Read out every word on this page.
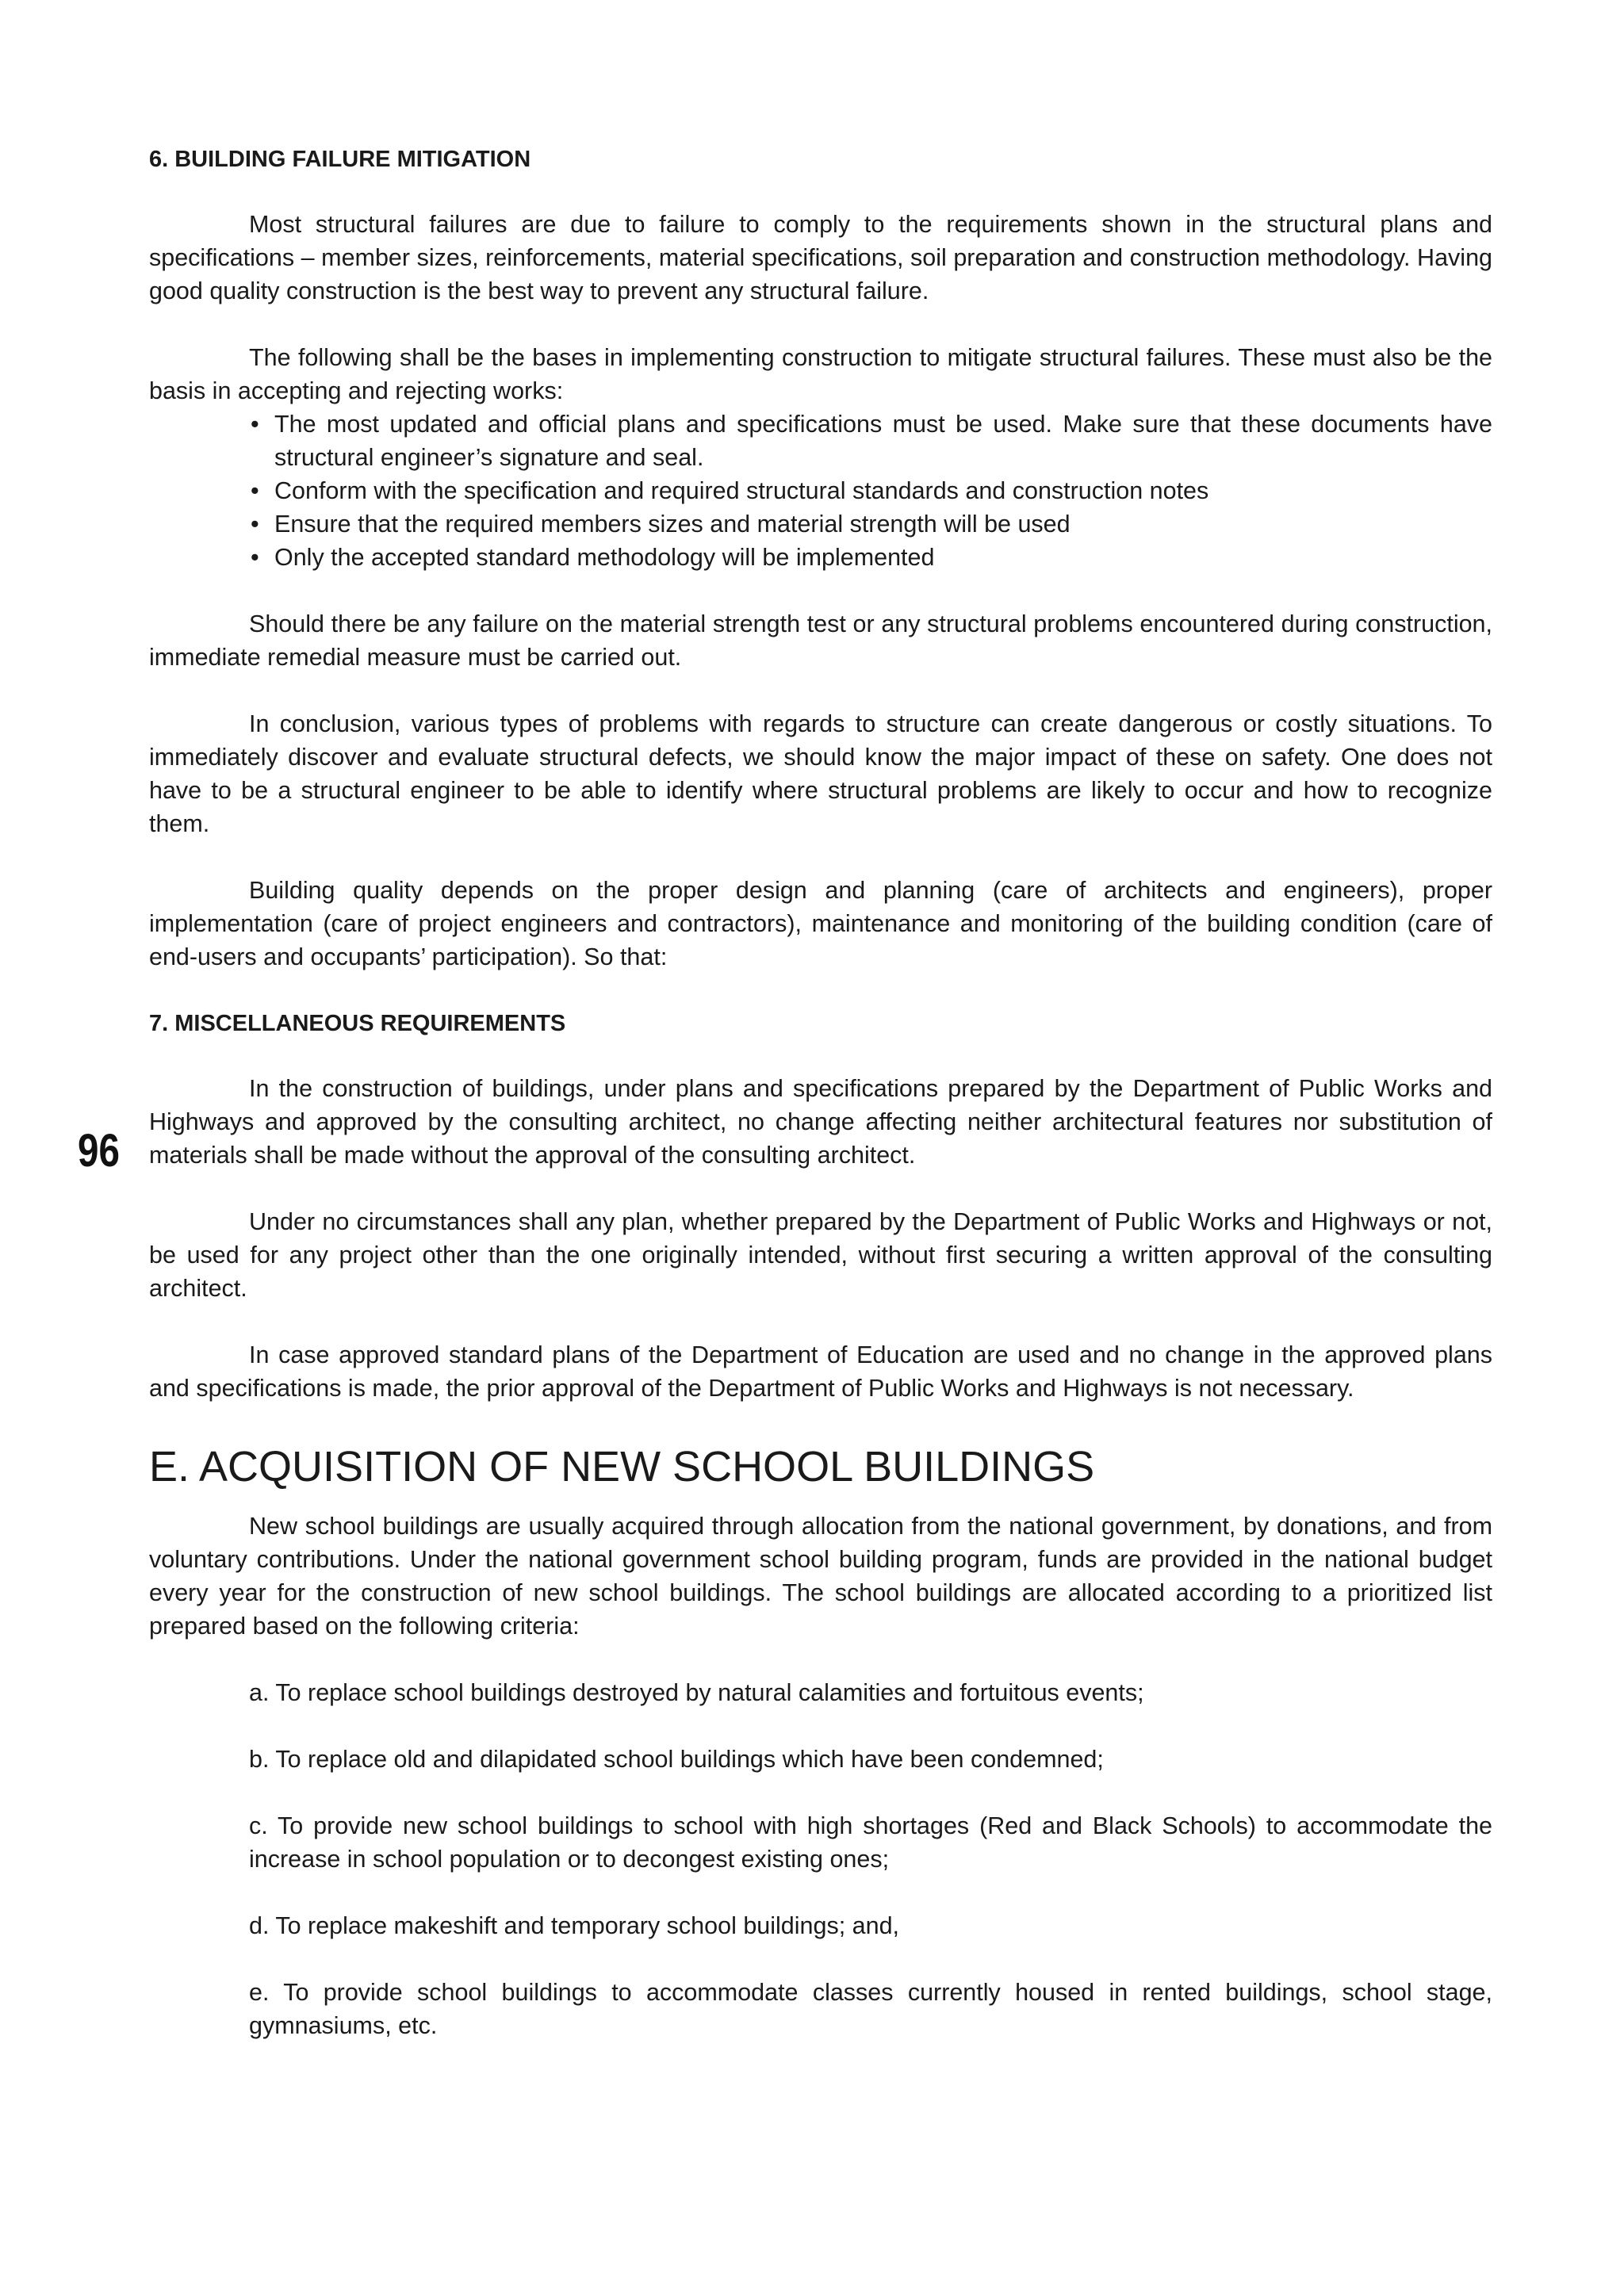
96
6. BUILDING FAILURE MITIGATION

Most structural failures are due to failure to comply to the requirements shown in the structural plans and specifications – member sizes, reinforcements, material specifications, soil preparation and construction methodology. Having good quality construction is the best way to prevent any structural failure.

The following shall be the bases in implementing construction to mitigate structural failures. These must also be the basis in accepting and rejecting works:

• The most updated and official plans and specifications must be used. Make sure that these documents have structural engineer’s signature and seal.
• Conform with the specification and required structural standards and construction notes
• Ensure that the required members sizes and material strength will be used
• Only the accepted standard methodology will be implemented

Should there be any failure on the material strength test or any structural problems encountered during construction, immediate remedial measure must be carried out.

In conclusion, various types of problems with regards to structure can create dangerous or costly situations. To immediately discover and evaluate structural defects, we should know the major impact of these on safety. One does not have to be a structural engineer to be able to identify where structural problems are likely to occur and how to recognize them.

Building quality depends on the proper design and planning (care of architects and engineers), proper implementation (care of project engineers and contractors), maintenance and monitoring of the building condition (care of end-users and occupants’ participation). So that:

7. MISCELLANEOUS REQUIREMENTS

In the construction of buildings, under plans and specifications prepared by the Department of Public Works and Highways and approved by the consulting architect, no change affecting neither architectural features nor substitution of materials shall be made without the approval of the consulting architect.

Under no circumstances shall any plan, whether prepared by the Department of Public Works and Highways or not, be used for any project other than the one originally intended, without first securing a written approval of the consulting architect.

In case approved standard plans of the Department of Education are used and no change in the approved plans and specifications is made, the prior approval of the Department of Public Works and Highways is not necessary.

E. ACQUISITION OF NEW SCHOOL BUILDINGS

New school buildings are usually acquired through allocation from the national government, by donations, and from voluntary contributions. Under the national government school building program, funds are provided in the national budget every year for the construction of new school buildings. The school buildings are allocated according to a prioritized list prepared based on the following criteria:

a. To replace school buildings destroyed by natural calamities and fortuitous events;
b. To replace old and dilapidated school buildings which have been condemned;
c. To provide new school buildings to school with high shortages (Red and Black Schools) to accommodate the increase in school population or to decongest existing ones;
d. To replace makeshift and temporary school buildings; and,
e. To provide school buildings to accommodate classes currently housed in rented buildings, school stage, gymnasiums, etc.
